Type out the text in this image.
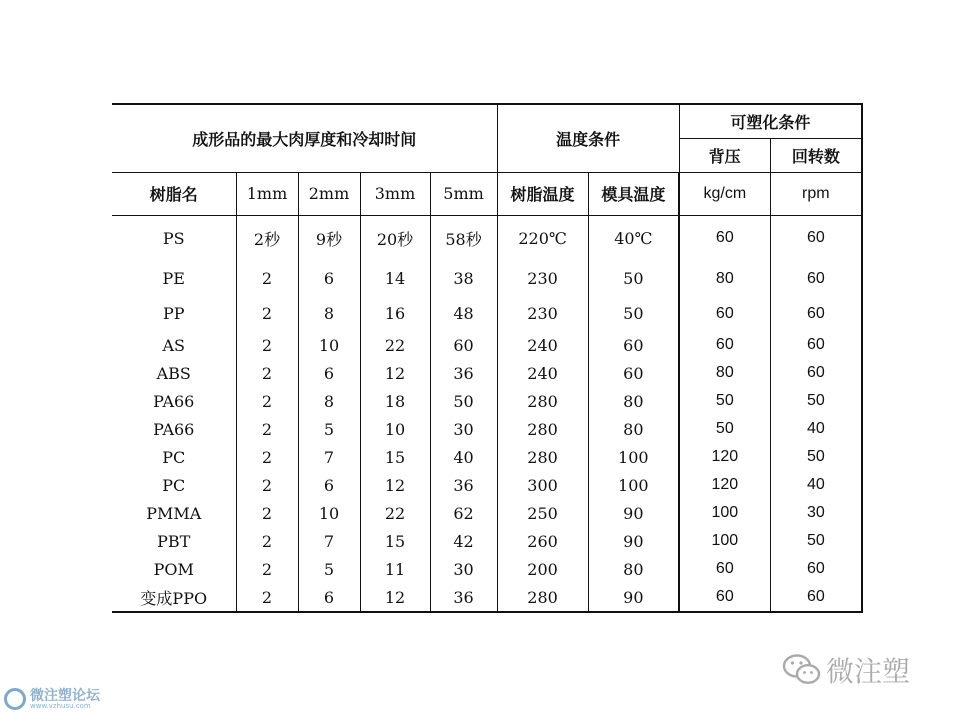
成形品的最大肉厚度和冷却时间					温度条件		可塑化条件	
							背压	回转数
树脂名	1mm	2mm	3mm	5mm	树脂温度	模具温度	kg/cm	rpm
PS	2秒	9秒	20秒	58秒	220℃	40℃	60	60
PE	2	6	14	38	230	50	80	60
PP	2	8	16	48	230	50	60	60
AS	2	10	22	60	240	60	60	60
ABS	2	6	12	36	240	60	80	60
PA66	2	8	18	50	280	80	50	50
PA66	2	5	10	30	280	80	50	40
PC	2	7	15	40	280	100	120	50
PC	2	6	12	36	300	100	120	40
PMMA	2	10	22	62	250	90	100	30
PBT	2	7	15	42	260	90	100	50
POM	2	5	11	30	200	80	60	60
变成PPO	2	6	12	36	280	90	60	60
微注塑
微注塑论坛
www.vzhusu.com
